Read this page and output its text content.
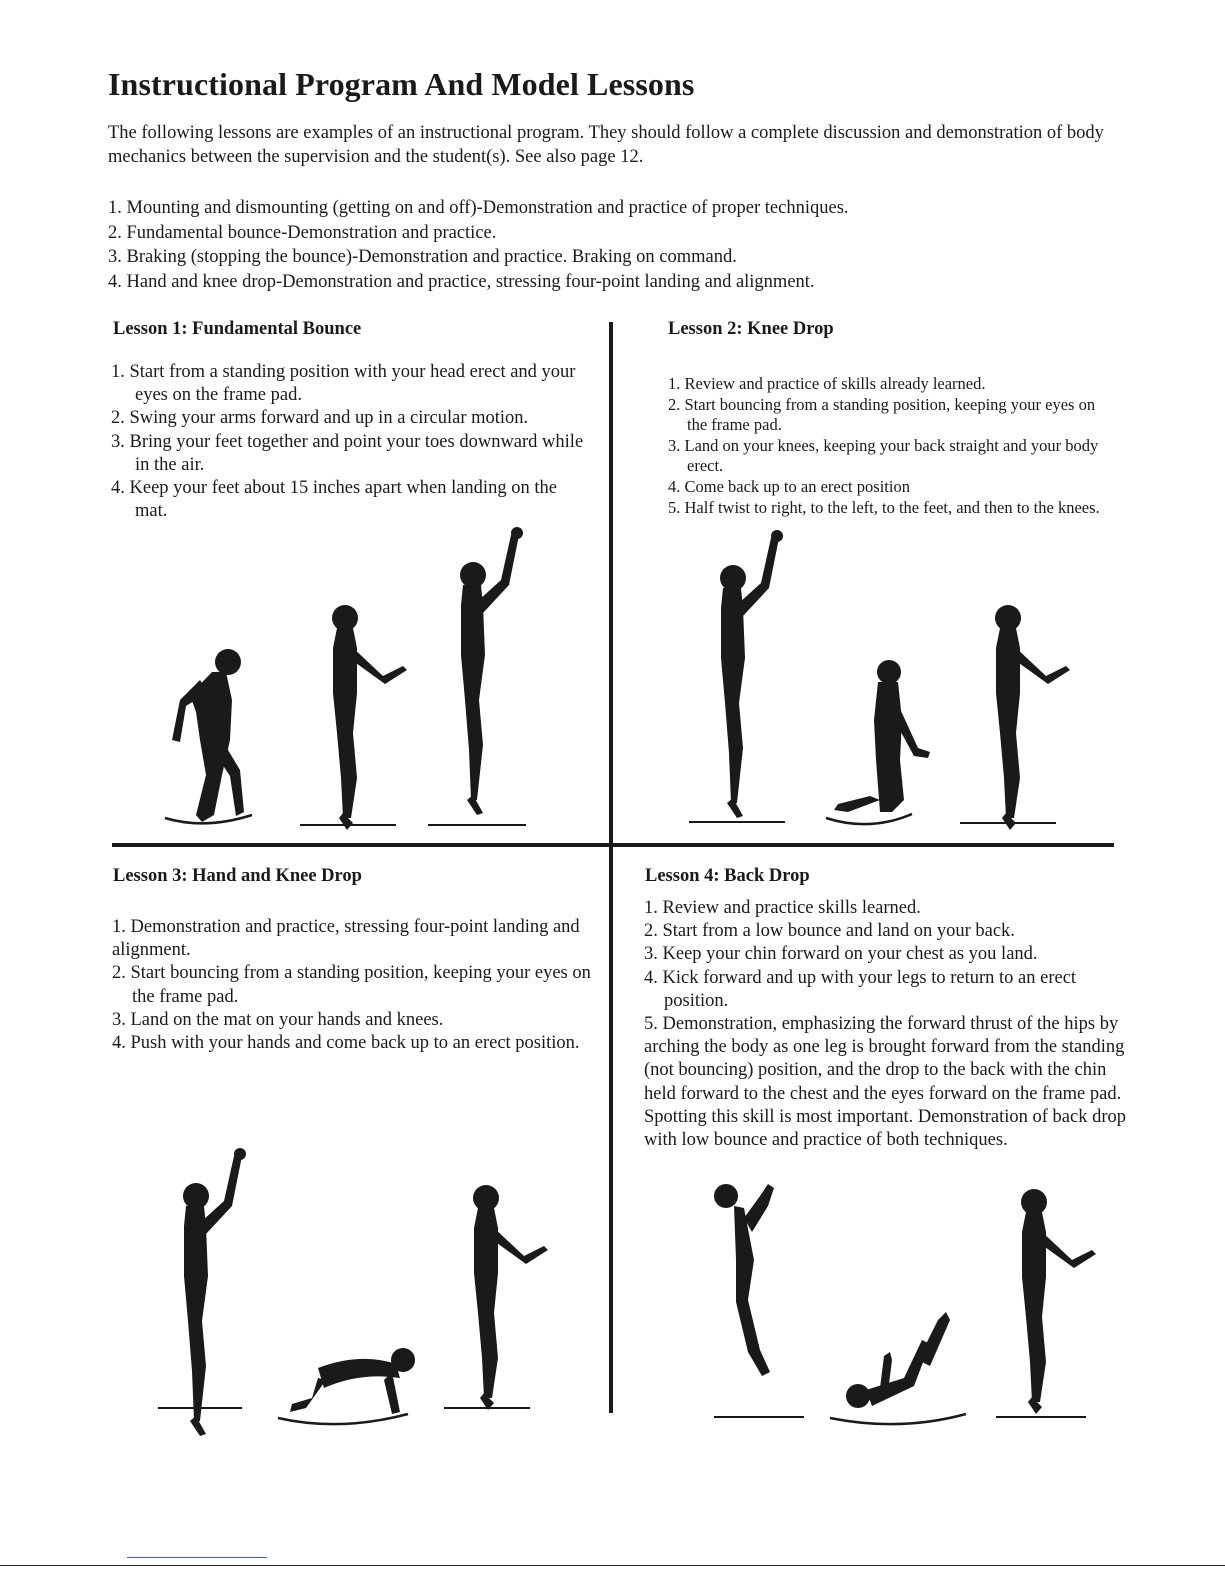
Instructional Program And Model Lessons

The following lessons are examples of an instructional program. They should follow a complete discussion and demonstration of body mechanics between the supervision and the student(s). See also page 12.

1. Mounting and dismounting (getting on and off)-Demonstration and practice of proper techniques.
2. Fundamental bounce-Demonstration and practice.
3. Braking (stopping the bounce)-Demonstration and practice. Braking on command.
4. Hand and knee drop-Demonstration and practice, stressing four-point landing and alignment.
Lesson 1: Fundamental Bounce
1. Start from a standing position with your head erect and your eyes on the frame pad.
2. Swing your arms forward and up in a circular motion.
3. Bring your feet together and point your toes downward while in the air.
4. Keep your feet about 15 inches apart when landing on the mat.
Lesson 2: Knee Drop
1. Review and practice of skills already learned.
2. Start bouncing from a standing position, keeping your eyes on the frame pad.
3. Land on your knees, keeping your back straight and your body erect.
4. Come back up to an erect position
5. Half twist to right, to the left, to the feet, and then to the knees.
Lesson 3: Hand and Knee Drop
1. Demonstration and practice, stressing four-point landing and alignment.
2. Start bouncing from a standing position, keeping your eyes on the frame pad.
3. Land on the mat on your hands and knees.
4. Push with your hands and come back up to an erect position.
Lesson 4: Back Drop
1. Review and practice skills learned.
2. Start from a low bounce and land on your back.
3. Keep your chin forward on your chest as you land.
4. Kick forward and up with your legs to return to an erect position.
5. Demonstration, emphasizing the forward thrust of the hips by arching the body as one leg is brought forward from the standing (not bouncing) position, and the drop to the back with the chin held forward to the chest and the eyes forward on the frame pad. Spotting this skill is most important. Demonstration of back drop with low bounce and practice of both techniques.
